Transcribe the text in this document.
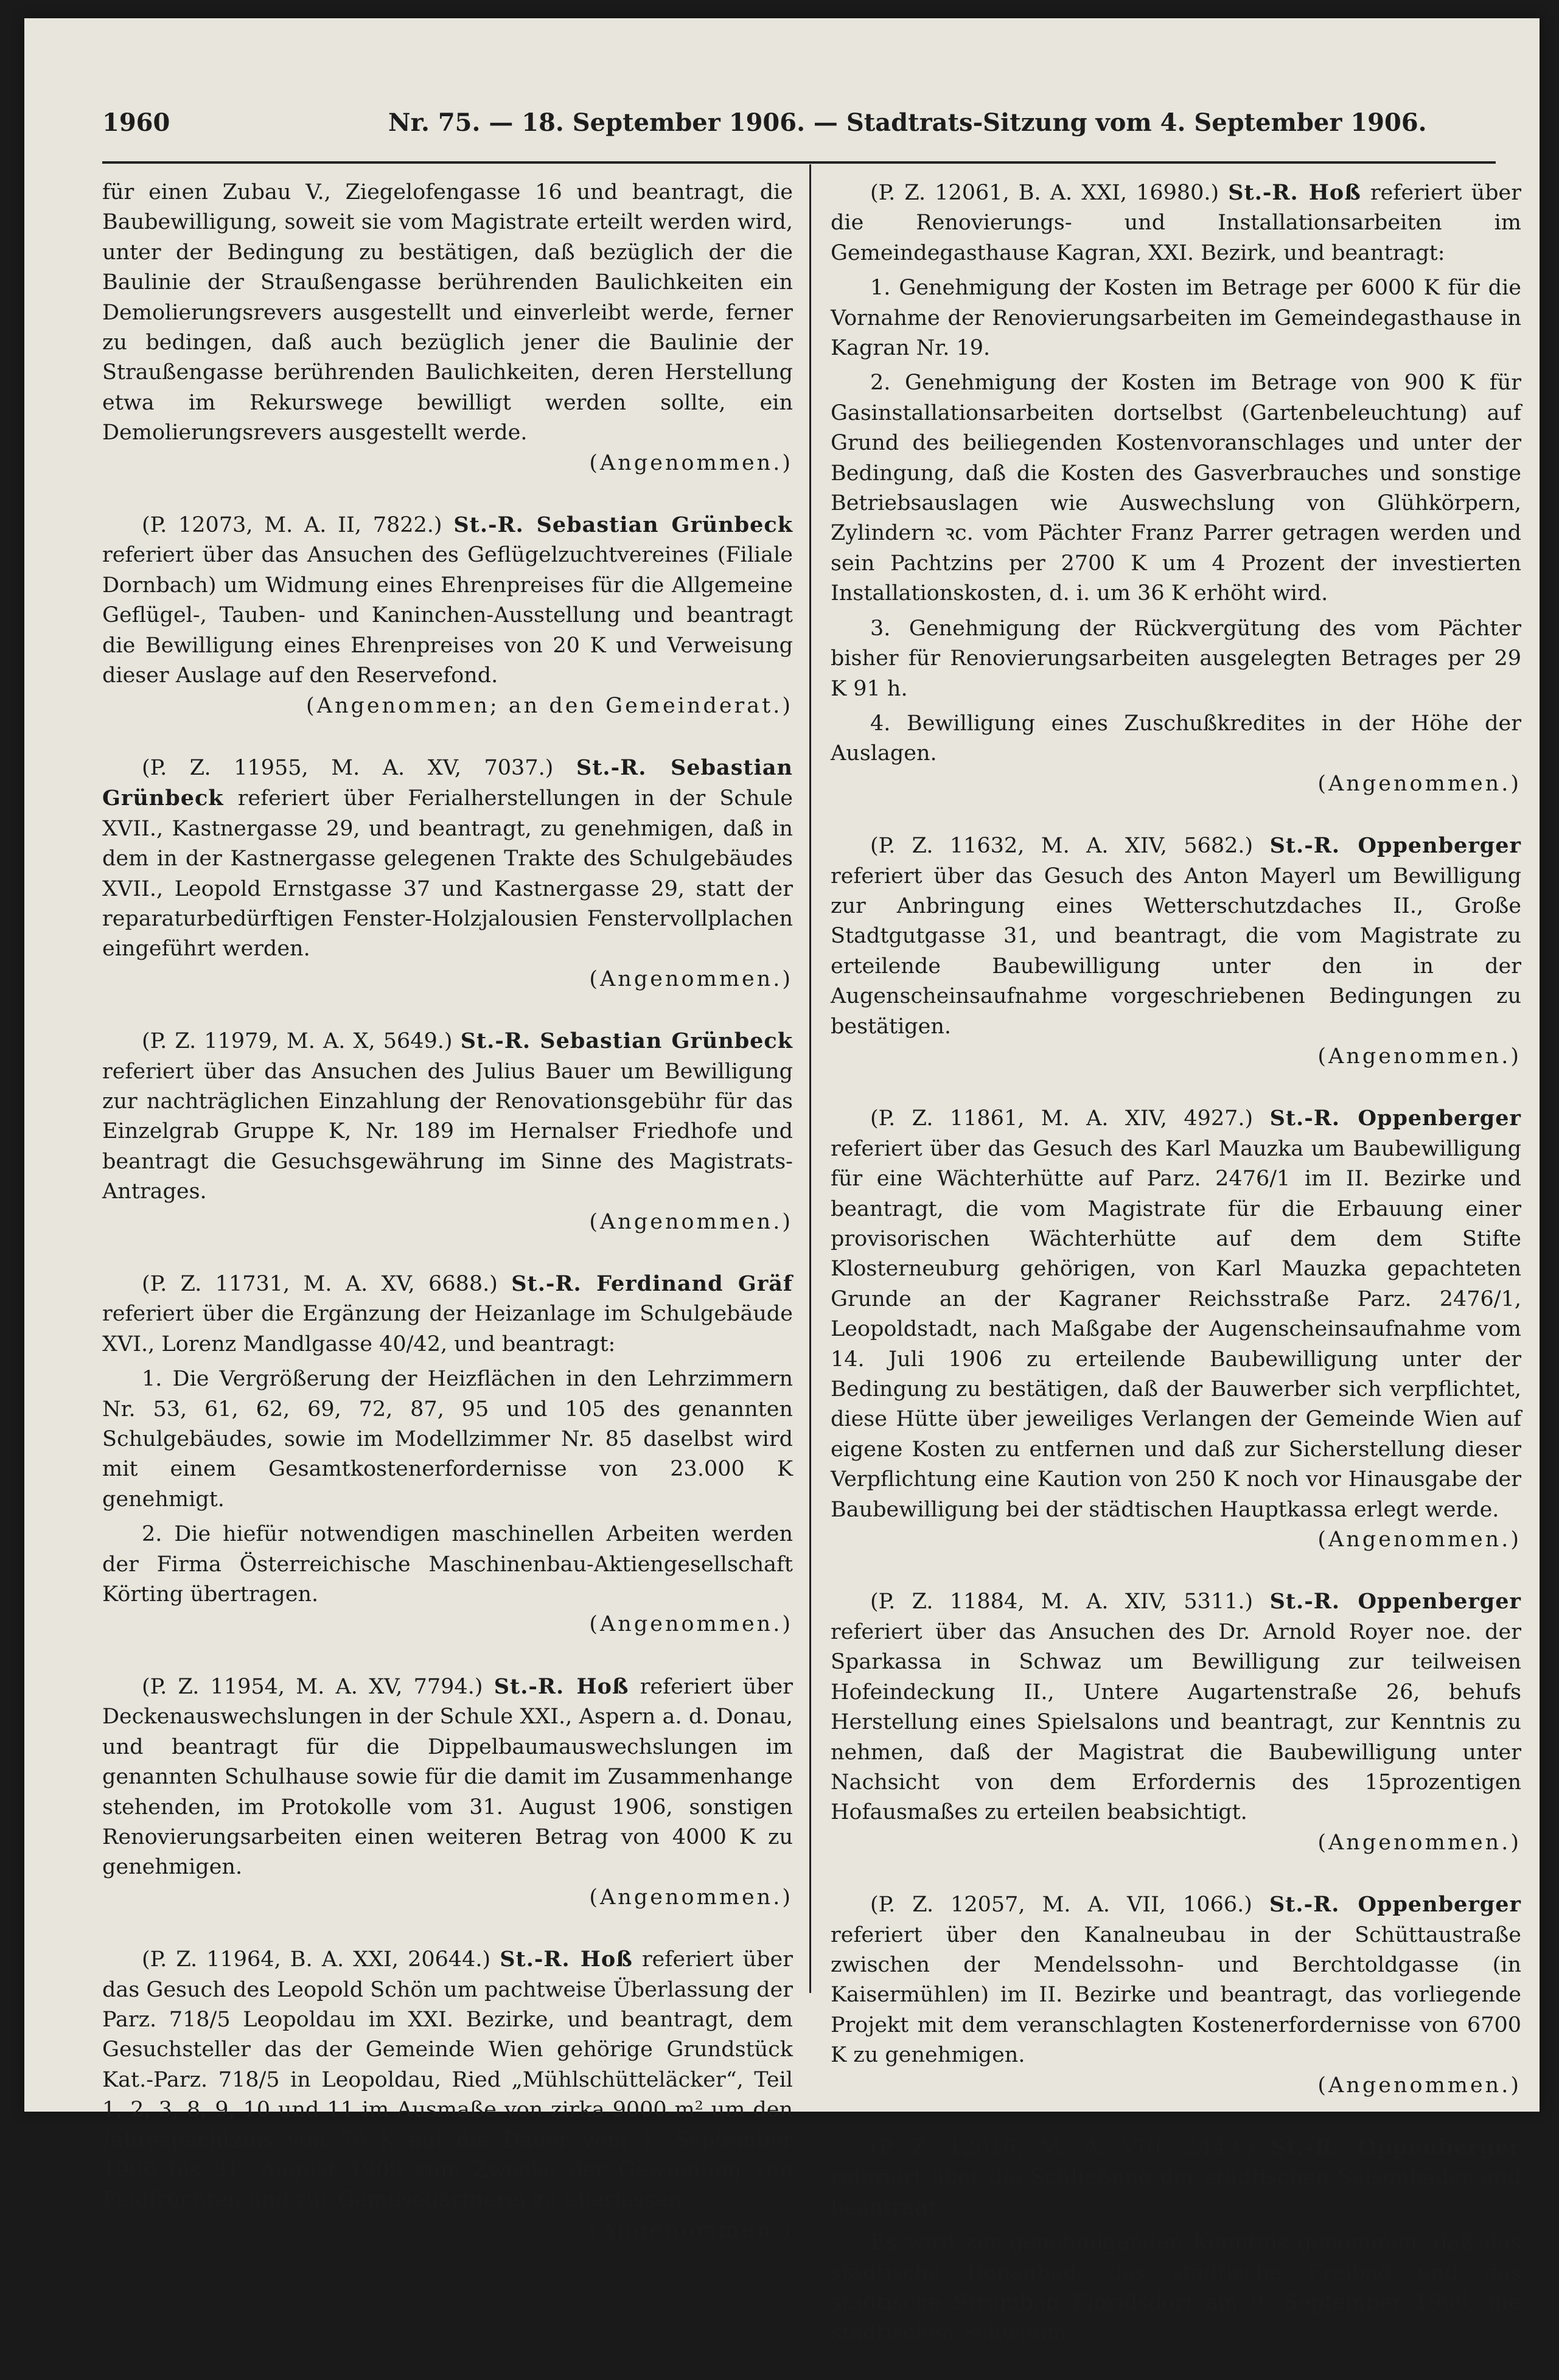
1960	Nr. 75. — 18. September 1906. — Stadtrats-Sitzung vom 4. September 1906.

für einen Zubau V., Ziegelofengasse 16 und beantragt, die Baubewilligung, soweit sie vom Magistrate erteilt werden wird, unter der Bedingung zu bestätigen, daß bezüglich der die Baulinie der Straußengasse berührenden Baulichkeiten ein Demolierungsrevers ausgestellt und einverleibt werde, ferner zu bedingen, daß auch bezüglich jener die Baulinie der Straußengasse berührenden Baulichkeiten, deren Herstellung etwa im Rekurswege bewilligt werden sollte, ein Demolierungsrevers ausgestellt werde.

(Angenommen.)

(P. 12073, M. A. II, 7822.) St.-R. Sebastian Grünbeck referiert über das Ansuchen des Geflügelzuchtvereines (Filiale Dornbach) um Widmung eines Ehrenpreises für die Allgemeine Geflügel-, Tauben- und Kaninchen-Ausstellung und beantragt die Bewilligung eines Ehrenpreises von 20 K und Verweisung dieser Auslage auf den Reservefond.

(Angenommen; an den Gemeinderat.)

(P. Z. 11955, M. A. XV, 7037.) St.-R. Sebastian Grünbeck referiert über Ferialherstellungen in der Schule XVII., Kastnergasse 29, und beantragt, zu genehmigen, daß in dem in der Kastnergasse gelegenen Trakte des Schulgebäudes XVII., Leopold Ernstgasse 37 und Kastnergasse 29, statt der reparaturbedürftigen Fenster-Holzjalousien Fenstervollplachen eingeführt werden.

(Angenommen.)

(P. Z. 11979, M. A. X, 5649.) St.-R. Sebastian Grünbeck referiert über das Ansuchen des Julius Bauer um Bewilligung zur nachträglichen Einzahlung der Renovationsgebühr für das Einzelgrab Gruppe K, Nr. 189 im Hernalser Friedhofe und beantragt die Gesuchsgewährung im Sinne des Magistrats-Antrages.

(Angenommen.)

(P. Z. 11731, M. A. XV, 6688.) St.-R. Ferdinand Gräf referiert über die Ergänzung der Heizanlage im Schulgebäude XVI., Lorenz Mandlgasse 40/42, und beantragt:

1. Die Vergrößerung der Heizflächen in den Lehrzimmern Nr. 53, 61, 62, 69, 72, 87, 95 und 105 des genannten Schulgebäudes, sowie im Modellzimmer Nr. 85 daselbst wird mit einem Gesamtkostenerfordernisse von 23.000 K genehmigt.

2. Die hiefür notwendigen maschinellen Arbeiten werden der Firma Österreichische Maschinenbau-Aktiengesellschaft Körting übertragen.

(Angenommen.)

(P. Z. 11954, M. A. XV, 7794.) St.-R. Hoß referiert über Deckenauswechslungen in der Schule XXI., Aspern a. d. Donau, und beantragt für die Dippelbaumauswechslungen im genannten Schulhause sowie für die damit im Zusammenhange stehenden, im Protokolle vom 31. August 1906, sonstigen Renovierungsarbeiten einen weiteren Betrag von 4000 K zu genehmigen.

(Angenommen.)

(P. Z. 11964, B. A. XXI, 20644.) St.-R. Hoß referiert über das Gesuch des Leopold Schön um pachtweise Überlassung der Parz. 718/5 Leopoldau im XXI. Bezirke, und beantragt, dem Gesuchsteller das der Gemeinde Wien gehörige Grundstück Kat.-Parz. 718/5 in Leopoldau, Ried „Mühlschütteläcker“, Teil 1, 2, 3, 8, 9, 10 und 11 im Ausmaße von zirka 9000 m² um den Jahrespachtzins von 70 K auf die Dauer vom 1. September 1906 bis 31. August 1909 zum Zwecke der Gewinnung von Feldfrüchten und zur Gemüsegärtnerei zu überlassen.

(Angenommen.)

(P. Z. 12061, B. A. XXI, 16980.) St.-R. Hoß referiert über die Renovierungs- und Installationsarbeiten im Gemeindegasthause Kagran, XXI. Bezirk, und beantragt:

1. Genehmigung der Kosten im Betrage per 6000 K für die Vornahme der Renovierungsarbeiten im Gemeindegasthause in Kagran Nr. 19.

2. Genehmigung der Kosten im Betrage von 900 K für Gasinstallationsarbeiten dortselbst (Gartenbeleuchtung) auf Grund des beiliegenden Kostenvoranschlages und unter der Bedingung, daß die Kosten des Gasverbrauches und sonstige Betriebsauslagen wie Auswechslung von Glühkörpern, Zylindern ꝛc. vom Pächter Franz Parrer getragen werden und sein Pachtzins per 2700 K um 4 Prozent der investierten Installationskosten, d. i. um 36 K erhöht wird.

3. Genehmigung der Rückvergütung des vom Pächter bisher für Renovierungsarbeiten ausgelegten Betrages per 29 K 91 h.

4. Bewilligung eines Zuschußkredites in der Höhe der Auslagen.

(Angenommen.)

(P. Z. 11632, M. A. XIV, 5682.) St.-R. Oppenberger referiert über das Gesuch des Anton Mayerl um Bewilligung zur Anbringung eines Wetterschutzdaches II., Große Stadtgutgasse 31, und beantragt, die vom Magistrate zu erteilende Baubewilligung unter den in der Augenscheinsaufnahme vorgeschriebenen Bedingungen zu bestätigen.

(Angenommen.)

(P. Z. 11861, M. A. XIV, 4927.) St.-R. Oppenberger referiert über das Gesuch des Karl Mauzka um Baubewilligung für eine Wächterhütte auf Parz. 2476/1 im II. Bezirke und beantragt, die vom Magistrate für die Erbauung einer provisorischen Wächterhütte auf dem dem Stifte Klosterneuburg gehörigen, von Karl Mauzka gepachteten Grunde an der Kagraner Reichsstraße Parz. 2476/1, Leopoldstadt, nach Maßgabe der Augenscheinsaufnahme vom 14. Juli 1906 zu erteilende Baubewilligung unter der Bedingung zu bestätigen, daß der Bauwerber sich verpflichtet, diese Hütte über jeweiliges Verlangen der Gemeinde Wien auf eigene Kosten zu entfernen und daß zur Sicherstellung dieser Verpflichtung eine Kaution von 250 K noch vor Hinausgabe der Baubewilligung bei der städtischen Hauptkassa erlegt werde.

(Angenommen.)

(P. Z. 11884, M. A. XIV, 5311.) St.-R. Oppenberger referiert über das Ansuchen des Dr. Arnold Royer noe. der Sparkassa in Schwaz um Bewilligung zur teilweisen Hofeindeckung II., Untere Augartenstraße 26, behufs Herstellung eines Spielsalons und beantragt, zur Kenntnis zu nehmen, daß der Magistrat die Baubewilligung unter Nachsicht von dem Erfordernis des 15prozentigen Hofausmaßes zu erteilen beabsichtigt.

(Angenommen.)

(P. Z. 12057, M. A. VII, 1066.) St.-R. Oppenberger referiert über den Kanalneubau in der Schüttaustraße zwischen der Mendelssohn- und Berchtoldgasse (in Kaisermühlen) im II. Bezirke und beantragt, das vorliegende Projekt mit dem veranschlagten Kostenerfordernisse von 6700 K zu genehmigen.

(Angenommen.)

(P. Z. 12016, M. A. VIII, 2443.) St.-R. Oppenberger referiert über die Schließung der städtischen Saisonbäder und beantragt:

Es wird zur genehmigenden Kenntnis genommen, daß das städtische Donaubad, das städtische Freibad und das städtische Strombad Floridsdorf am 9. September 1906, die städtischen Schwimm-
